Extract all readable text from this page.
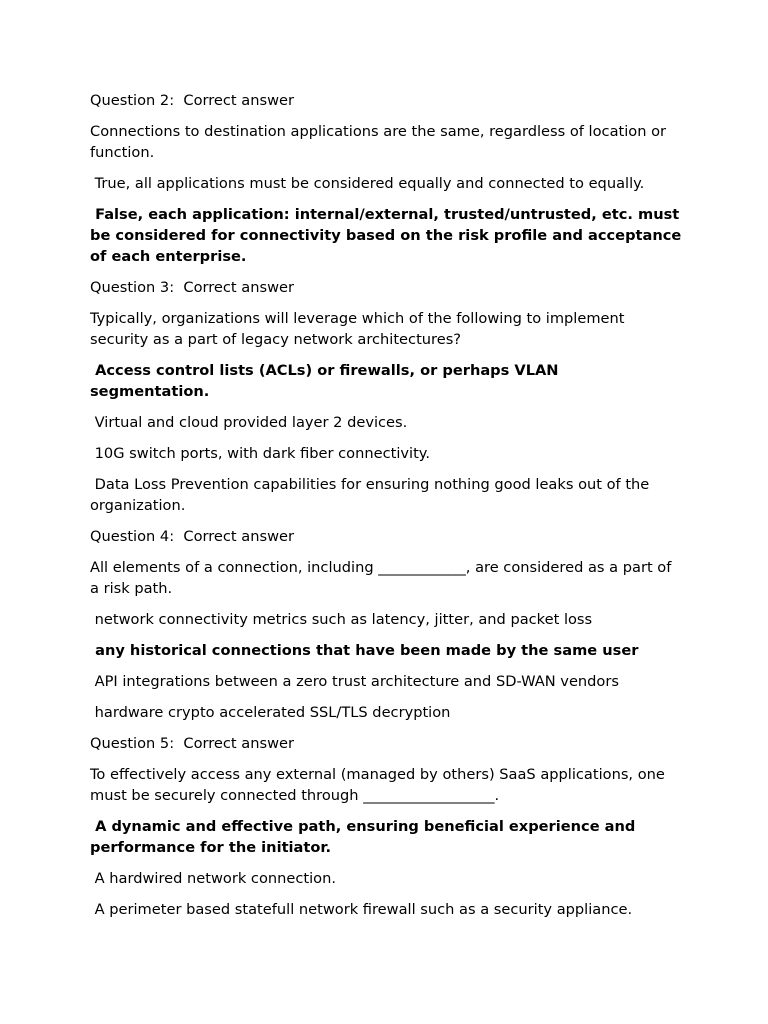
Question 2:  Correct answer

Connections to destination applications are the same, regardless of location or function.

True, all applications must be considered equally and connected to equally.

False, each application: internal/external, trusted/untrusted, etc. must be considered for connectivity based on the risk profile and acceptance of each enterprise.

Question 3:  Correct answer

Typically, organizations will leverage which of the following to implement security as a part of legacy network architectures?

Access control lists (ACLs) or firewalls, or perhaps VLAN segmentation.

Virtual and cloud provided layer 2 devices.

10G switch ports, with dark fiber connectivity.

Data Loss Prevention capabilities for ensuring nothing good leaks out of the organization.

Question 4:  Correct answer

All elements of a connection, including ____________, are considered as a part of a risk path.

network connectivity metrics such as latency, jitter, and packet loss

any historical connections that have been made by the same user

API integrations between a zero trust architecture and SD-WAN vendors

hardware crypto accelerated SSL/TLS decryption

Question 5:  Correct answer

To effectively access any external (managed by others) SaaS applications, one must be securely connected through __________________.

A dynamic and effective path, ensuring beneficial experience and performance for the initiator.

A hardwired network connection.

A perimeter based statefull network firewall such as a security appliance.
